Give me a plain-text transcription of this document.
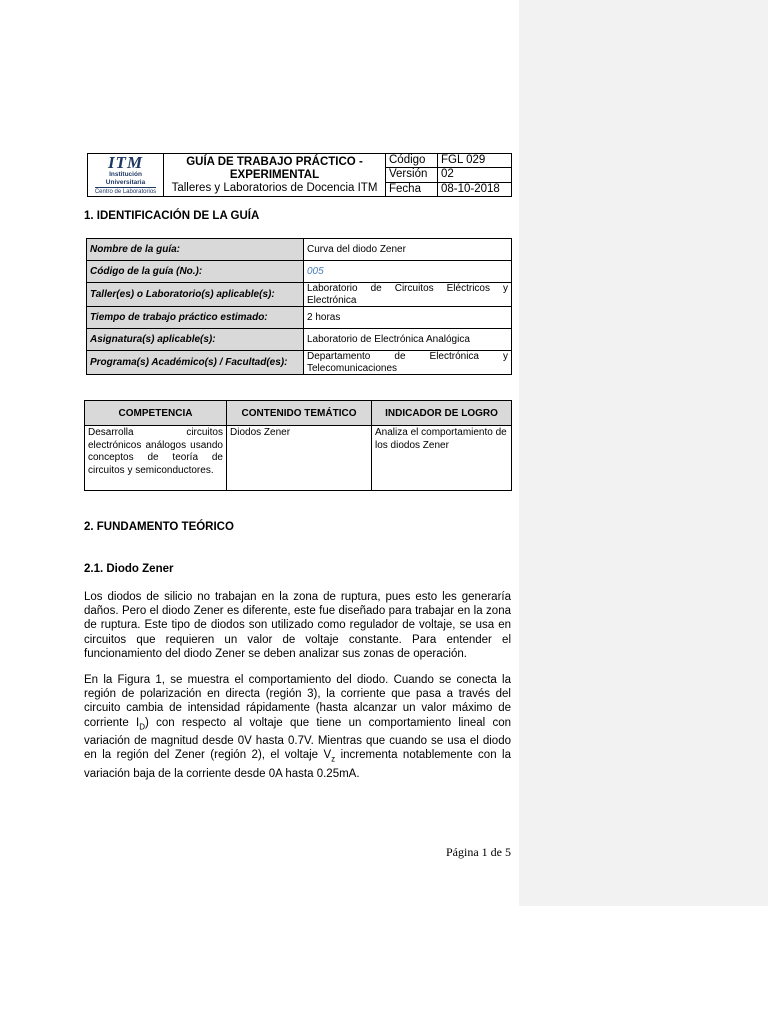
ITM
Institución Universitaria
Centro de Laboratorios	GUÍA DE TRABAJO PRÁCTICO -
EXPERIMENTAL
Talleres y Laboratorios de Docencia ITM	Código	FGL 029
		Versión	02
		Fecha	08-10-2018
1. IDENTIFICACIÓN DE LA GUÍA
Nombre de la guía:	Curva del diodo Zener
Código de la guía (No.):	005
Taller(es) o Laboratorio(s) aplicable(s):	Laboratorio de Circuitos Eléctricos y Electrónica
Tiempo de trabajo práctico estimado:	2 horas
Asignatura(s) aplicable(s):	Laboratorio de Electrónica Analógica
Programa(s) Académico(s) / Facultad(es):	Departamento de Electrónica y Telecomunicaciones
COMPETENCIA	CONTENIDO TEMÁTICO	INDICADOR DE LOGRO
Desarrolla circuitos electrónicos análogos usando conceptos de teoría de circuitos y semiconductores.	Diodos Zener	Analiza el comportamiento de los diodos Zener
2. FUNDAMENTO TEÓRICO
2.1. Diodo Zener

Los diodos de silicio no trabajan en la zona de ruptura, pues esto les generaría daños. Pero el diodo Zener es diferente, este fue diseñado para trabajar en la zona de ruptura. Este tipo de diodos son utilizado como regulador de voltaje, se usa en circuitos que requieren un valor de voltaje constante. Para entender el funcionamiento del diodo Zener se deben analizar sus zonas de operación.

En la Figura 1, se muestra el comportamiento del diodo. Cuando se conecta la región de polarización en directa (región 3), la corriente que pasa a través del circuito cambia de intensidad rápidamente (hasta alcanzar un valor máximo de corriente $I_D$) con respecto al voltaje que tiene un comportamiento lineal con variación de magnitud desde 0V hasta 0.7V. Mientras que cuando se usa el diodo en la región del Zener (región 2), el voltaje $V_z$ incrementa notablemente con la variación baja de la corriente desde 0A hasta 0.25mA.

Página 1 de 5
